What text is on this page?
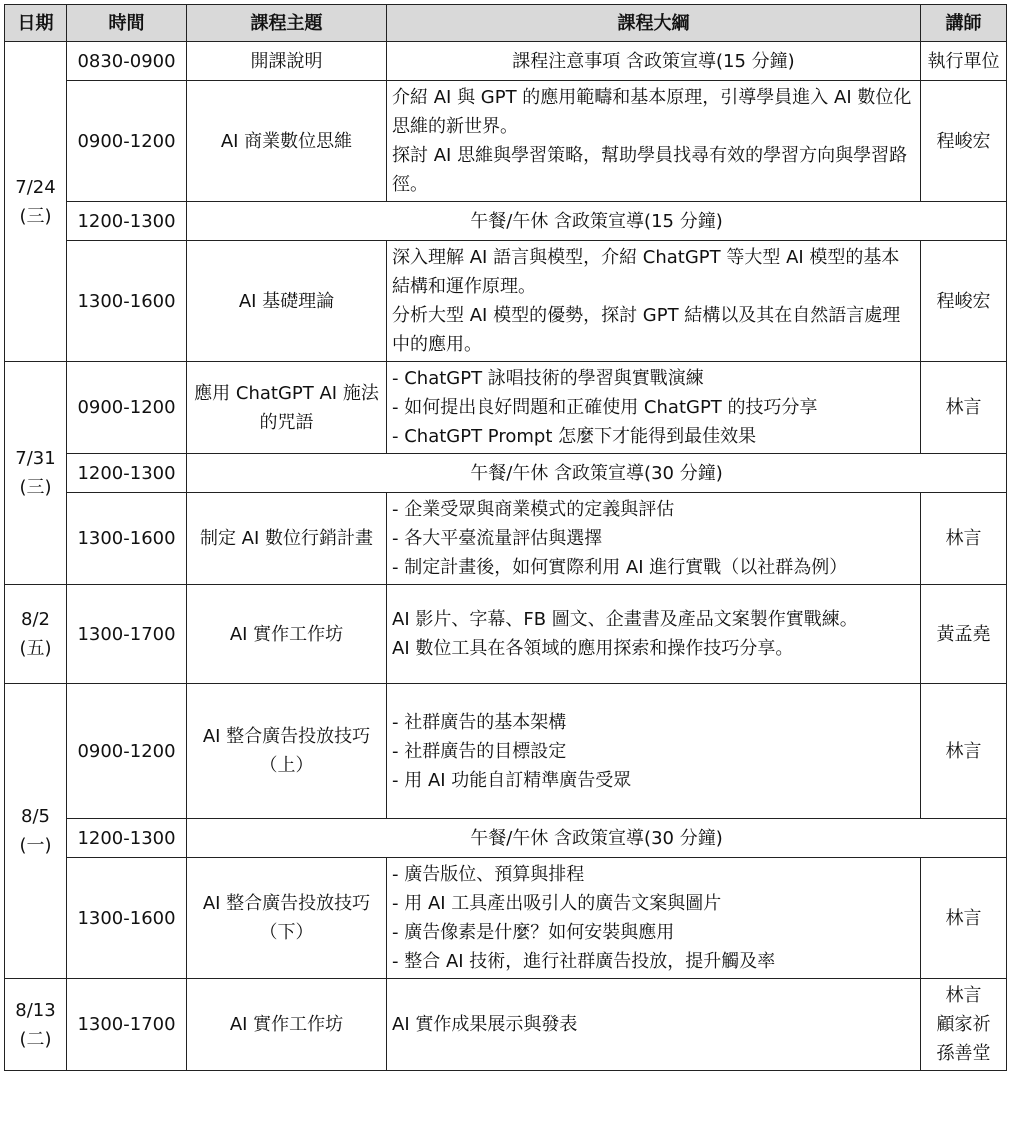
日期	時間	課程主題	課程大綱	講師

7/24
(三)	0830-0900	開課說明	課程注意事項 含政策宣導(15 分鐘)	執行單位

	0900-1200	AI 商業數位思維	介紹 AI 與 GPT 的應用範疇和基本原理，引導學員進入 AI 數位化思維的新世界。
探討 AI 思維與學習策略，幫助學員找尋有效的學習方向與學習路徑。	程峻宏

	1200-1300	午餐/午休 含政策宣導(15 分鐘)		
	1300-1600	AI 基礎理論	深入理解 AI 語言與模型，介紹 ChatGPT 等大型 AI 模型的基本結構和運作原理。
分析大型 AI 模型的優勢，探討 GPT 結構以及其在自然語言處理中的應用。	程峻宏

7/31
(三)	0900-1200	應用 ChatGPT AI 施法的咒語	- ChatGPT 詠唱技術的學習與實戰演練
- 如何提出良好問題和正確使用 ChatGPT 的技巧分享
- ChatGPT Prompt 怎麼下才能得到最佳效果	林言

	1200-1300	午餐/午休 含政策宣導(30 分鐘)		
	1300-1600	制定 AI 數位行銷計畫	- 企業受眾與商業模式的定義與評估
- 各大平臺流量評估與選擇
- 制定計畫後，如何實際利用 AI 進行實戰（以社群為例）	林言

8/2
(五)	1300-1700	AI 實作工作坊	AI 影片、字幕、FB 圖文、企畫書及產品文案製作實戰練。
AI 數位工具在各領域的應用探索和操作技巧分享。	黃孟堯

8/5
(一)	0900-1200	AI 整合廣告投放技巧（上）	- 社群廣告的基本架構
- 社群廣告的目標設定
- 用 AI 功能自訂精準廣告受眾	林言

	1200-1300	午餐/午休 含政策宣導(30 分鐘)		
	1300-1600	AI 整合廣告投放技巧（下）	- 廣告版位、預算與排程
- 用 AI 工具產出吸引人的廣告文案與圖片
- 廣告像素是什麼？如何安裝與應用
- 整合 AI 技術，進行社群廣告投放，提升觸及率	林言

8/13
(二)	1300-1700	AI 實作工作坊	AI 實作成果展示與發表	林言
顧家祈
孫善堂
